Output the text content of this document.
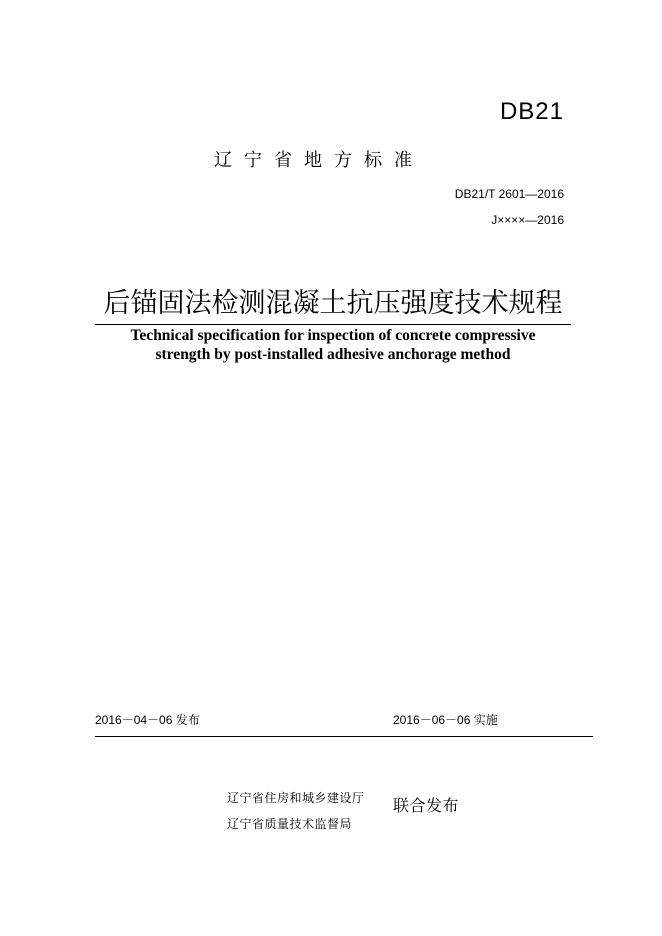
DB21
辽宁省地方标准
DB21/T 2601—2016
J××××—2016
后锚固法检测混凝土抗压强度技术规程
Technical specification for inspection of concrete compressive
strength by post-installed adhesive anchorage method
2016－04－06 发布	2016－06－06 实施
辽宁省住房和城乡建设厅
辽宁省质量技术监督局
联合发布
